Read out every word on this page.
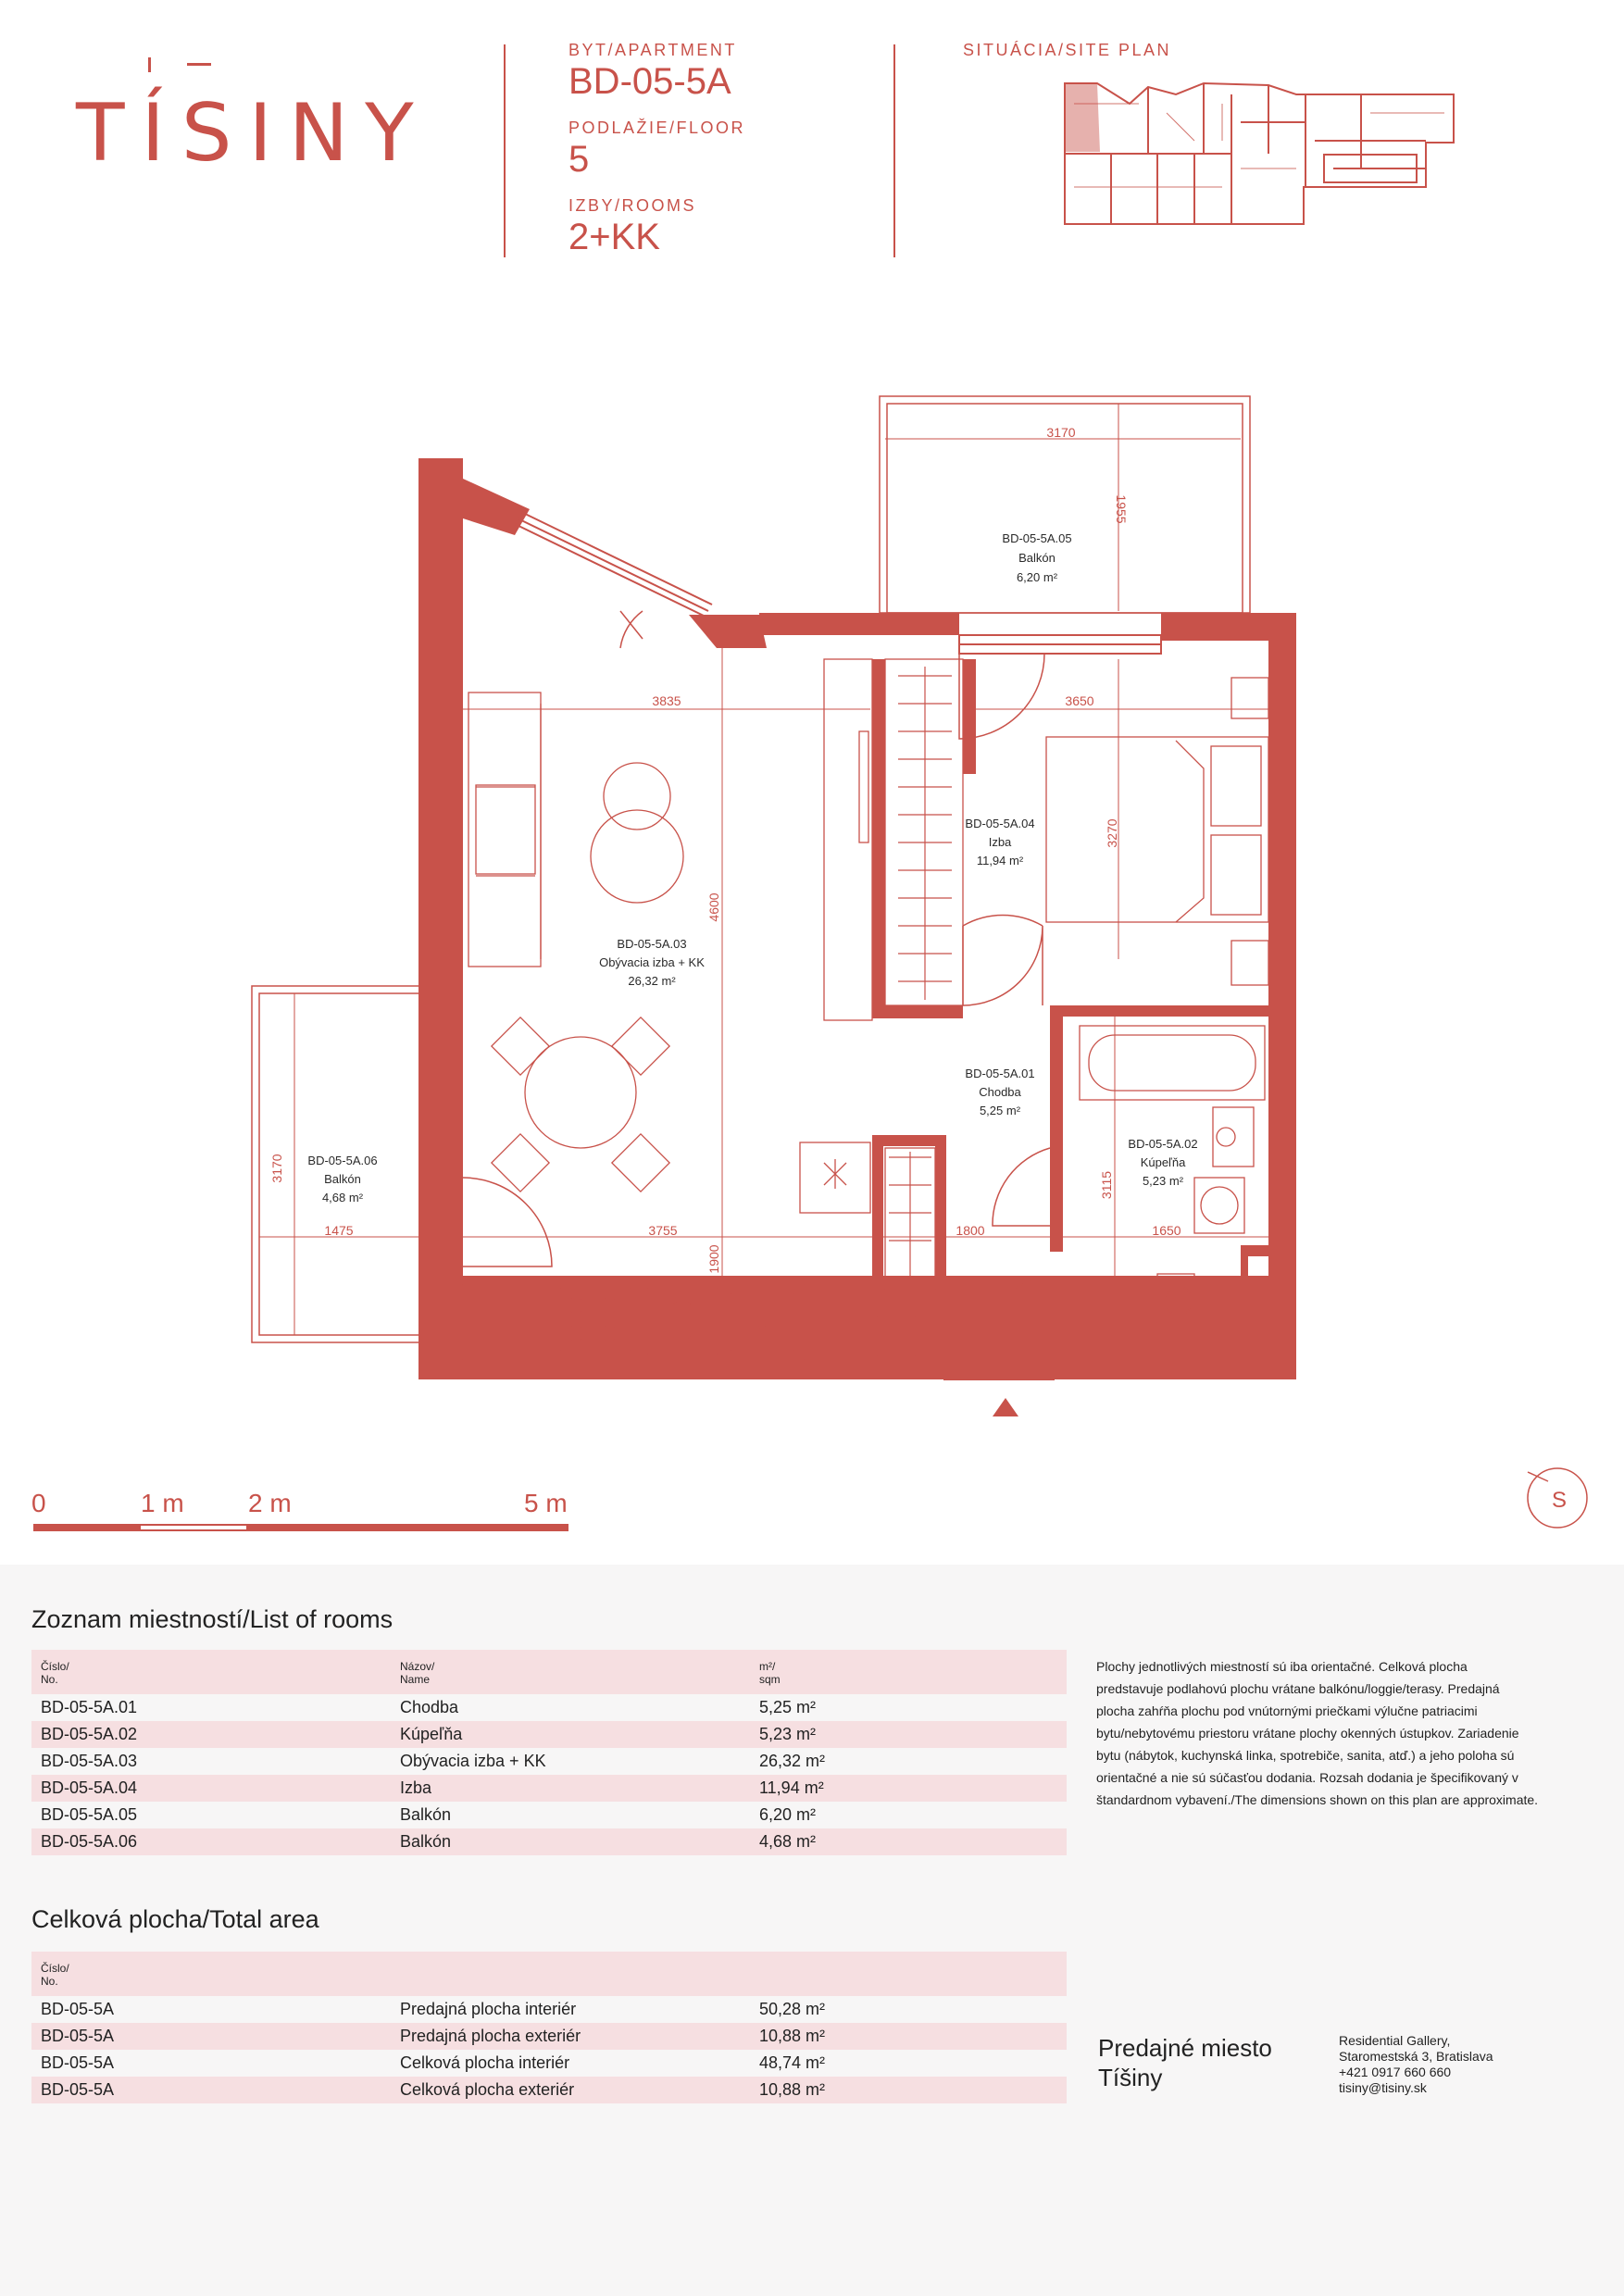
TÍSINY
BYT/APARTMENT
BD-05-5A
PODLAŽIE/FLOOR
5
IZBY/ROOMS
2+KK
SITUÁCIA/SITE PLAN
3170
1955
3835	3650
3270
4600
3170
1475	3755	1800
3115
1650
1900
BD-05-5A.05
Balkón
6,20 m²
BD-05-5A.04
Izba
11,94 m²
BD-05-5A.03
Obývacia izba + KK
26,32 m²
BD-05-5A.01
Chodba
5,25 m²
BD-05-5A.02
Kúpeľňa
5,23 m²
BD-05-5A.06
Balkón
4,68 m²
S
0	1 m 2 m	5 m
Zoznam miestností/List of rooms
Číslo/
No.	Názov/
Name	m²/
sqm
BD-05-5A.01	Chodba	5,25 m²
BD-05-5A.02	Kúpeľňa	5,23 m²
BD-05-5A.03	Obývacia izba + KK	26,32 m²
BD-05-5A.04	Izba	11,94 m²
BD-05-5A.05	Balkón	6,20 m²
BD-05-5A.06	Balkón	4,68 m²
Celková plocha/Total area
Číslo/
No.		
BD-05-5A	Predajná plocha interiér	50,28 m²
BD-05-5A	Predajná plocha exteriér	10,88 m²
BD-05-5A	Celková plocha interiér	48,74 m²
BD-05-5A	Celková plocha exteriér	10,88 m²
Plochy jednotlivých miestností sú iba orientačné. Celková plocha
predstavuje podlahovú plochu vrátane balkónu/loggie/terasy. Predajná
plocha zahŕňa plochu pod vnútornými priečkami výlučne patriacimi
bytu/nebytovému priestoru vrátane plochy okenných ústupkov. Zariadenie
bytu (nábytok, kuchynská linka, spotrebiče, sanita, atď.) a jeho poloha sú
orientačné a nie sú súčasťou dodania. Rozsah dodania je špecifikovaný v
štandardnom vybavení./The dimensions shown on this plan are approximate.
Predajné miesto
Tíšiny
Residential Gallery,
Staromestská 3, Bratislava
+421 0917 660 660
tisiny@tisiny.sk
